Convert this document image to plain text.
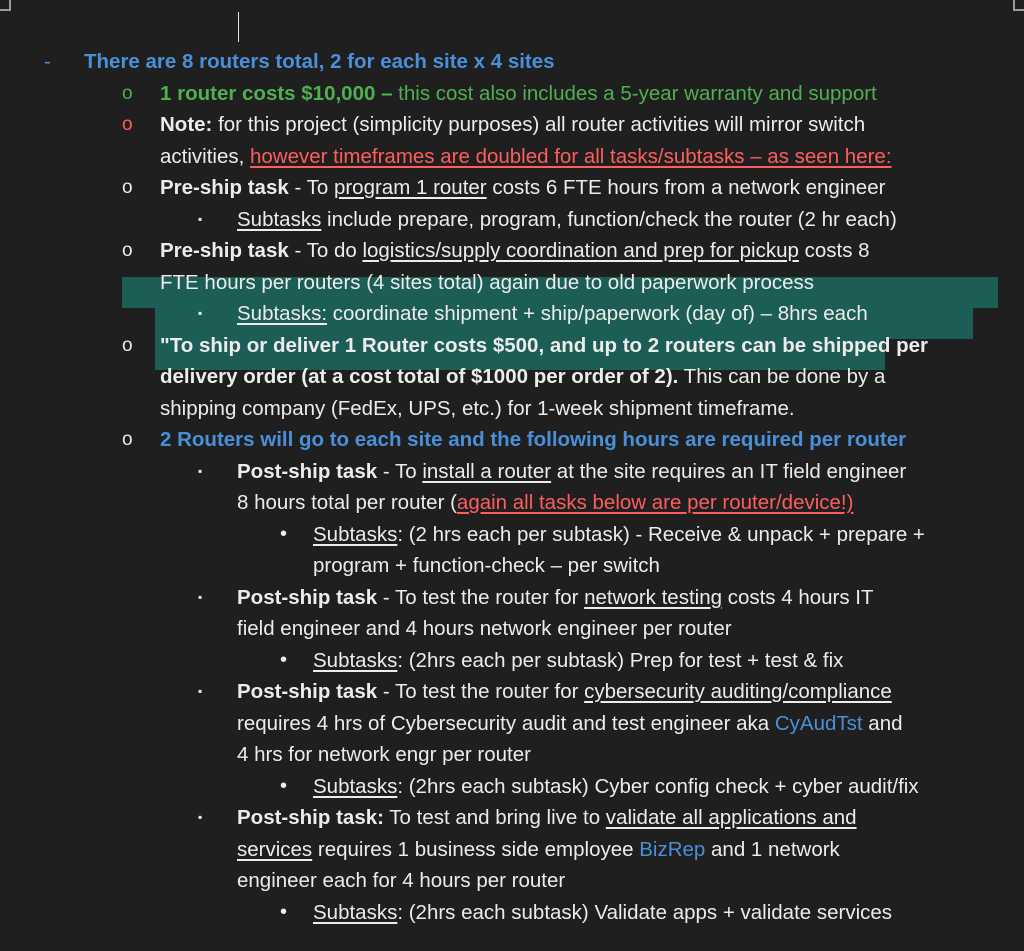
- There are 8 routers total, 2 for each site x 4 sites
o 1 router costs $10,000 – this cost also includes a 5-year warranty and support
o Note: for this project (simplicity purposes) all router activities will mirror switch
activities, however timeframes are doubled for all tasks/subtasks – as seen here:
o Pre-ship task - To program 1 router costs 6 FTE hours from a network engineer
▪ Subtasks include prepare, program, function/check the router (2 hr each)
o Pre-ship task - To do logistics/supply coordination and prep for pickup costs 8
FTE hours per routers (4 sites total) again due to old paperwork process
▪ Subtasks: coordinate shipment + ship/paperwork (day of) – 8hrs each
o "To ship or deliver 1 Router costs $500, and up to 2 routers can be shipped per
delivery order (at a cost total of $1000 per order of 2). This can be done by a
shipping company (FedEx, UPS, etc.) for 1-week shipment timeframe.
o 2 Routers will go to each site and the following hours are required per router
▪ Post-ship task - To install a router at the site requires an IT field engineer
8 hours total per router (again all tasks below are per router/device!)
• Subtasks: (2 hrs each per subtask) - Receive & unpack + prepare +
program + function-check – per switch
▪ Post-ship task - To test the router for network testing costs 4 hours IT
field engineer and 4 hours network engineer per router
• Subtasks: (2hrs each per subtask) Prep for test + test & fix
▪ Post-ship task - To test the router for cybersecurity auditing/compliance
requires 4 hrs of Cybersecurity audit and test engineer aka CyAudTst and
4 hrs for network engr per router
• Subtasks: (2hrs each subtask) Cyber config check + cyber audit/fix
▪ Post-ship task: To test and bring live to validate all applications and
services requires 1 business side employee BizRep and 1 network
engineer each for 4 hours per router
• Subtasks: (2hrs each subtask) Validate apps + validate services
